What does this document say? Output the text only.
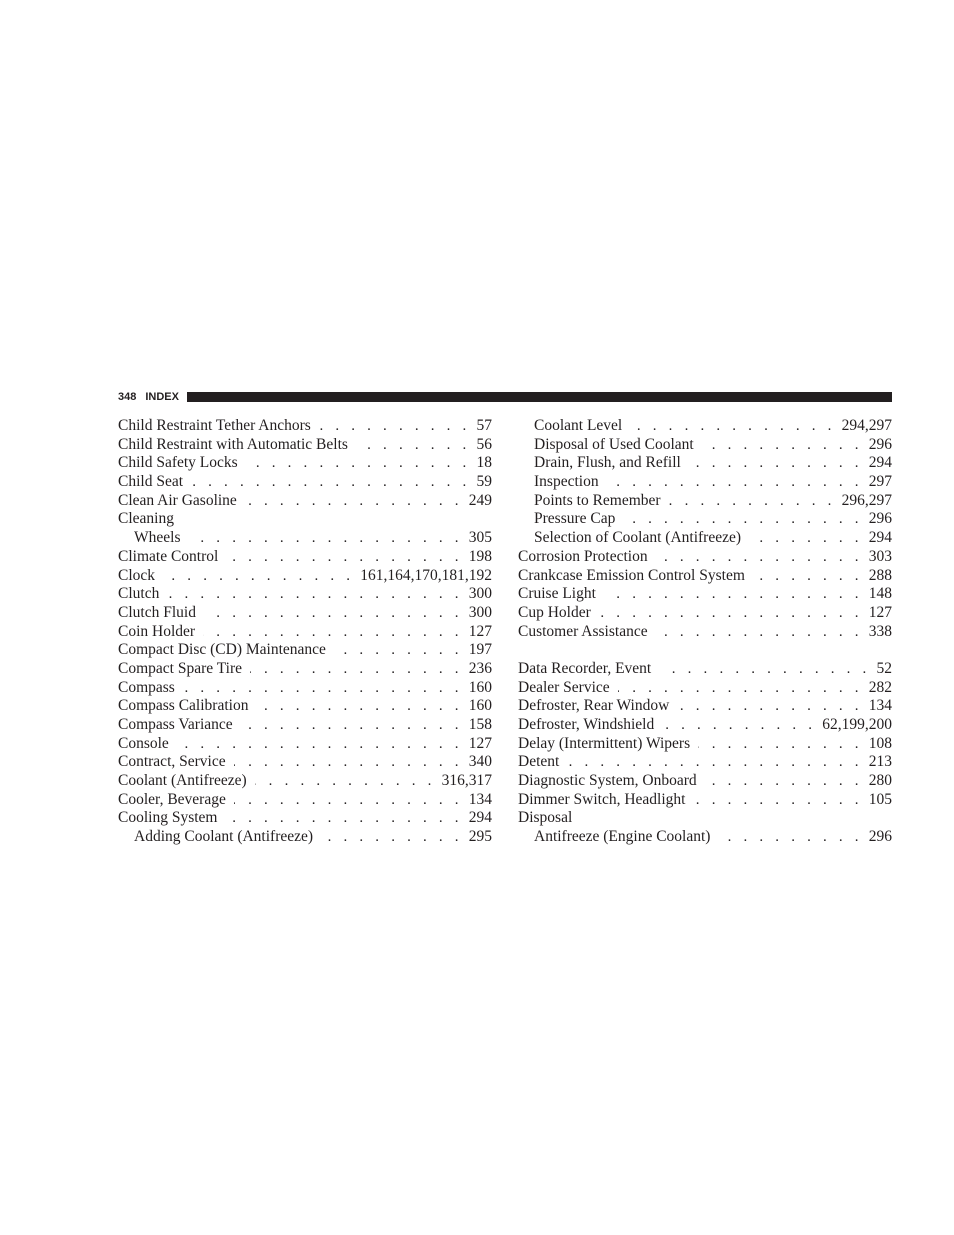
348 INDEX
Child Restraint Tether Anchors . . .	57
Child Restraint with Automatic Belts . . .	56
Child Safety Locks . . .	18
Child Seat . . .	59
Clean Air Gasoline . . .	249
Cleaning
Wheels . . .	305
Climate Control . . .	198
Clock . . .	161,164,170,181,192
Clutch . . .	300
Clutch Fluid . . .	300
Coin Holder . . .	127
Compact Disc (CD) Maintenance . . .	197
Compact Spare Tire . . .	236
Compass . . .	160
Compass Calibration . . .	160
Compass Variance . . .	158
Console . . .	127
Contract, Service . . .	340
Coolant (Antifreeze) . . .	316,317
Cooler, Beverage . . .	134
Cooling System . . .	294
Adding Coolant (Antifreeze) . . .	295
Coolant Level . . .	294,297
Disposal of Used Coolant . . .	296
Drain, Flush, and Refill . . .	294
Inspection . . .	297
Points to Remember . . .	296,297
Pressure Cap . . .	296
Selection of Coolant (Antifreeze) . . .	294
Corrosion Protection . . .	303
Crankcase Emission Control System . . .	288
Cruise Light . . .	148
Cup Holder . . .	127
Customer Assistance . . .	338
Data Recorder, Event . . .	52
Dealer Service . . .	282
Defroster, Rear Window . . .	134
Defroster, Windshield . . .	62,199,200
Delay (Intermittent) Wipers . . .	108
Detent . . .	213
Diagnostic System, Onboard . . .	280
Dimmer Switch, Headlight . . .	105
Disposal
Antifreeze (Engine Coolant) . . .	296
